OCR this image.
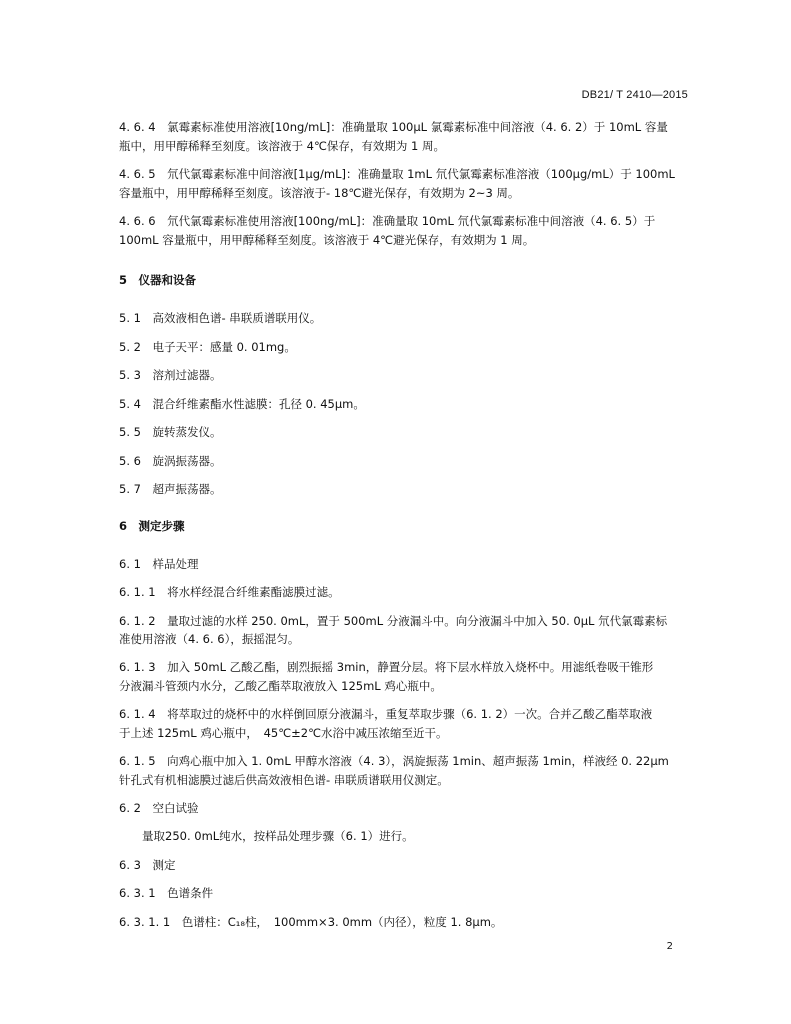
DB21/ T 2410—2015
4. 6. 4　氯霉素标准使用溶液[10ng/mL]：准确量取 100μL 氯霉素标准中间溶液（4. 6. 2）于 10mL 容量
瓶中，用甲醇稀释至刻度。该溶液于 4℃保存，有效期为 1 周。
4. 6. 5　氘代氯霉素标准中间溶液[1μg/mL]：准确量取 1mL 氘代氯霉素标准溶液（100μg/mL）于 100mL
容量瓶中，用甲醇稀释至刻度。该溶液于- 18℃避光保存，有效期为 2~3 周。
4. 6. 6　氘代氯霉素标准使用溶液[100ng/mL]：准确量取 10mL 氘代氯霉素标准中间溶液（4. 6. 5）于
100mL 容量瓶中，用甲醇稀释至刻度。该溶液于 4℃避光保存，有效期为 1 周。
5　仪器和设备
5. 1　高效液相色谱- 串联质谱联用仪。
5. 2　电子天平：感量 0. 01mg。
5. 3　溶剂过滤器。
5. 4　混合纤维素酯水性滤膜：孔径 0. 45μm。
5. 5　旋转蒸发仪。
5. 6　旋涡振荡器。
5. 7　超声振荡器。
6　测定步骤
6. 1　样品处理
6. 1. 1　将水样经混合纤维素酯滤膜过滤。
6. 1. 2　量取过滤的水样 250. 0mL，置于 500mL 分液漏斗中。向分液漏斗中加入 50. 0μL 氘代氯霉素标
准使用溶液（4. 6. 6），振摇混匀。
6. 1. 3　加入 50mL 乙酸乙酯，剧烈振摇 3min，静置分层。将下层水样放入烧杯中。用滤纸卷吸干锥形
分液漏斗管颈内水分，乙酸乙酯萃取液放入 125mL 鸡心瓶中。
6. 1. 4　将萃取过的烧杯中的水样倒回原分液漏斗，重复萃取步骤（6. 1. 2）一次。合并乙酸乙酯萃取液
于上述 125mL 鸡心瓶中，　45℃±2℃水浴中减压浓缩至近干。
6. 1. 5　向鸡心瓶中加入 1. 0mL 甲醇水溶液（4. 3），涡旋振荡 1min、超声振荡 1min，样液经 0. 22μm
针孔式有机相滤膜过滤后供高效液相色谱- 串联质谱联用仪测定。
6. 2　空白试验
　　量取250. 0mL纯水，按样品处理步骤（6. 1）进行。
6. 3　测定
6. 3. 1　色谱条件
6. 3. 1. 1　色谱柱：C₁₈柱，　100mm×3. 0mm（内径），粒度 1. 8μm。
2
